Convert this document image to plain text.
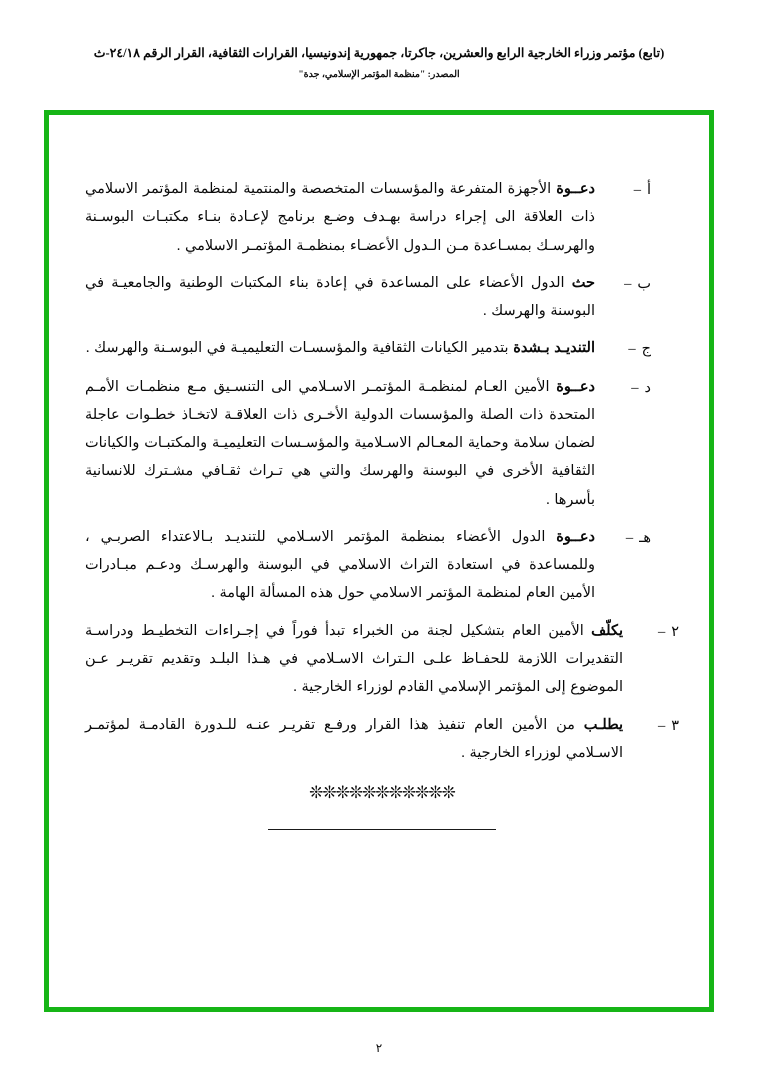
(تابع) مؤتمر وزراء الخارجية الرابع والعشرين، جاكرتا، جمهورية إندونيسيا، القرارات الثقافية، القرار الرقم ٢٤/١٨-ث
المصدر: "منظمة المؤتمر الإسلامي، جدة"
أ–
دعــوة الأجهزة المتفرعة والمؤسسات المتخصصة والمنتمية لمنظمة المؤتمر الاسلامي ذات العلاقة الى إجراء دراسة بهـدف وضـع برنامج لإعـادة بنـاء مكتبـات البوسـنة والهرسـك بمسـاعدة مـن الـدول الأعضـاء بمنظمـة المؤتمـر الاسلامي .
ب–
حث الدول الأعضاء على المساعدة في إعادة بناء المكتبات الوطنية والجامعيـة في البوسنة والهرسك .
ج–
التنديـد بـشدة بتدمير الكيانات الثقافية والمؤسسـات التعليميـة في البوسـنة والهرسك .
د–
دعــوة الأمين العـام لمنظمـة المؤتمـر الاسـلامي الى التنسـيق مـع منظمـات الأمـم المتحدة ذات الصلة والمؤسسات الدولية الأخـرى ذات العلاقـة لاتخـاذ خطـوات عاجلة لضمان سلامة وحماية المعـالم الاسـلامية والمؤسـسات التعليميـة والمكتبـات والكيانات الثقافية الأخرى في البوسنة والهرسك والتي هي تـراث ثقـافي مشـترك للانسانية بأسرها .
هـ–
دعــوة الدول الأعضاء بمنظمة المؤتمر الاسـلامي للتنديـد بـالاعتداء الصربـي ، وللمساعدة في استعادة التراث الاسلامي في البوسنة والهرسـك ودعـم مبـادرات الأمين العام لمنظمة المؤتمر الاسلامي حول هذه المسألة الهامة .
٢–
يكلّف الأمين العام بتشكيل لجنة من الخبراء تبدأ فوراً في إجـراءات التخطيـط ودراسـة التقديرات اللازمة للحفـاظ علـى الـتراث الاسـلامي في هـذا البلـد وتقديم تقريـر عـن الموضوع إلى المؤتمر الإسلامي القادم لوزراء الخارجية .
٣–
يطلـب من الأمين العام تنفيذ هذا القرار ورفـع تقريـر عنـه للـدورة القادمـة لمؤتمـر الاسـلامي لوزراء الخارجية .
❊❊❊❊❊❊❊❊❊❊❊
٢
